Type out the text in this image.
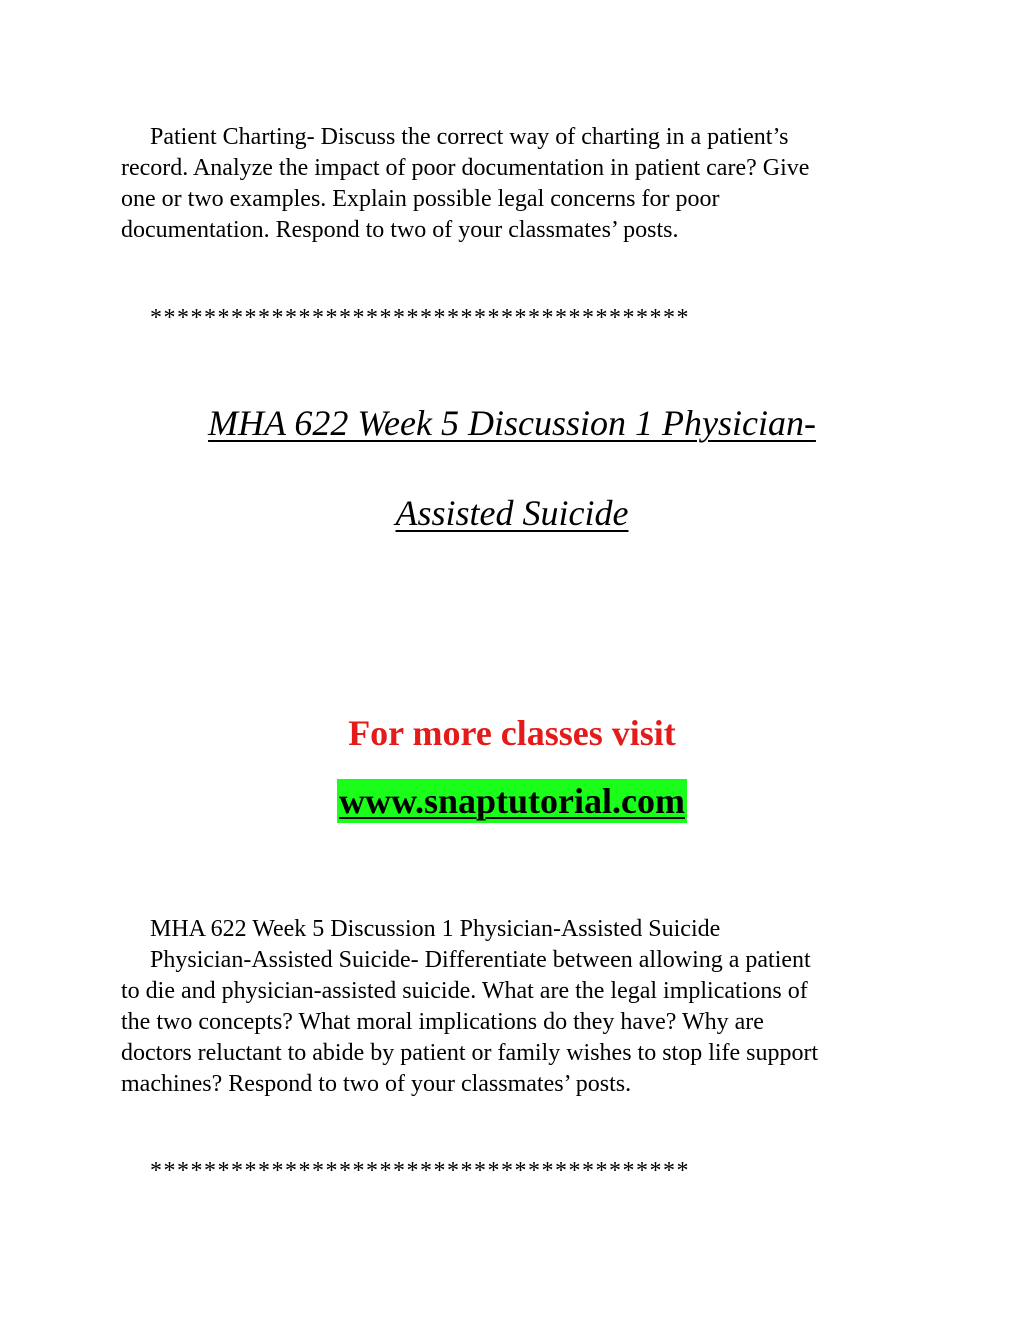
Patient Charting- Discuss the correct way of charting in a patient’s
record. Analyze the impact of poor documentation in patient care? Give
one or two examples. Explain possible legal concerns for poor
documentation. Respond to two of your classmates’ posts.

****************************************

MHA 622 Week 5 Discussion 1 Physician-

Assisted Suicide

For more classes visit

www.snaptutorial.com
MHA 622 Week 5 Discussion 1 Physician-Assisted Suicide
Physician-Assisted Suicide- Differentiate between allowing a patient
to die and physician-assisted suicide. What are the legal implications of
the two concepts? What moral implications do they have? Why are
doctors reluctant to abide by patient or family wishes to stop life support
machines? Respond to two of your classmates’ posts.

****************************************
